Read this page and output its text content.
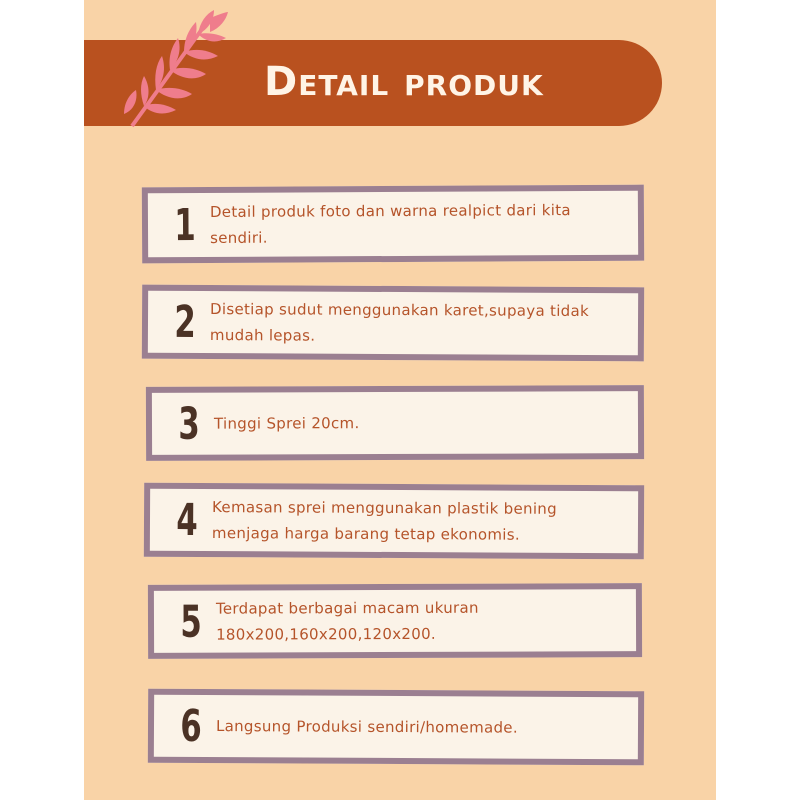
Detail produk
1 Detail produk foto dan warna realpict dari kita sendiri.
2 Disetiap sudut menggunakan karet,supaya tidak mudah lepas.
3 Tinggi Sprei 20cm.
4 Kemasan sprei menggunakan plastik bening menjaga harga barang tetap ekonomis.
5 Terdapat berbagai macam ukuran 180x200,160x200,120x200.
6 Langsung Produksi sendiri/homemade.
